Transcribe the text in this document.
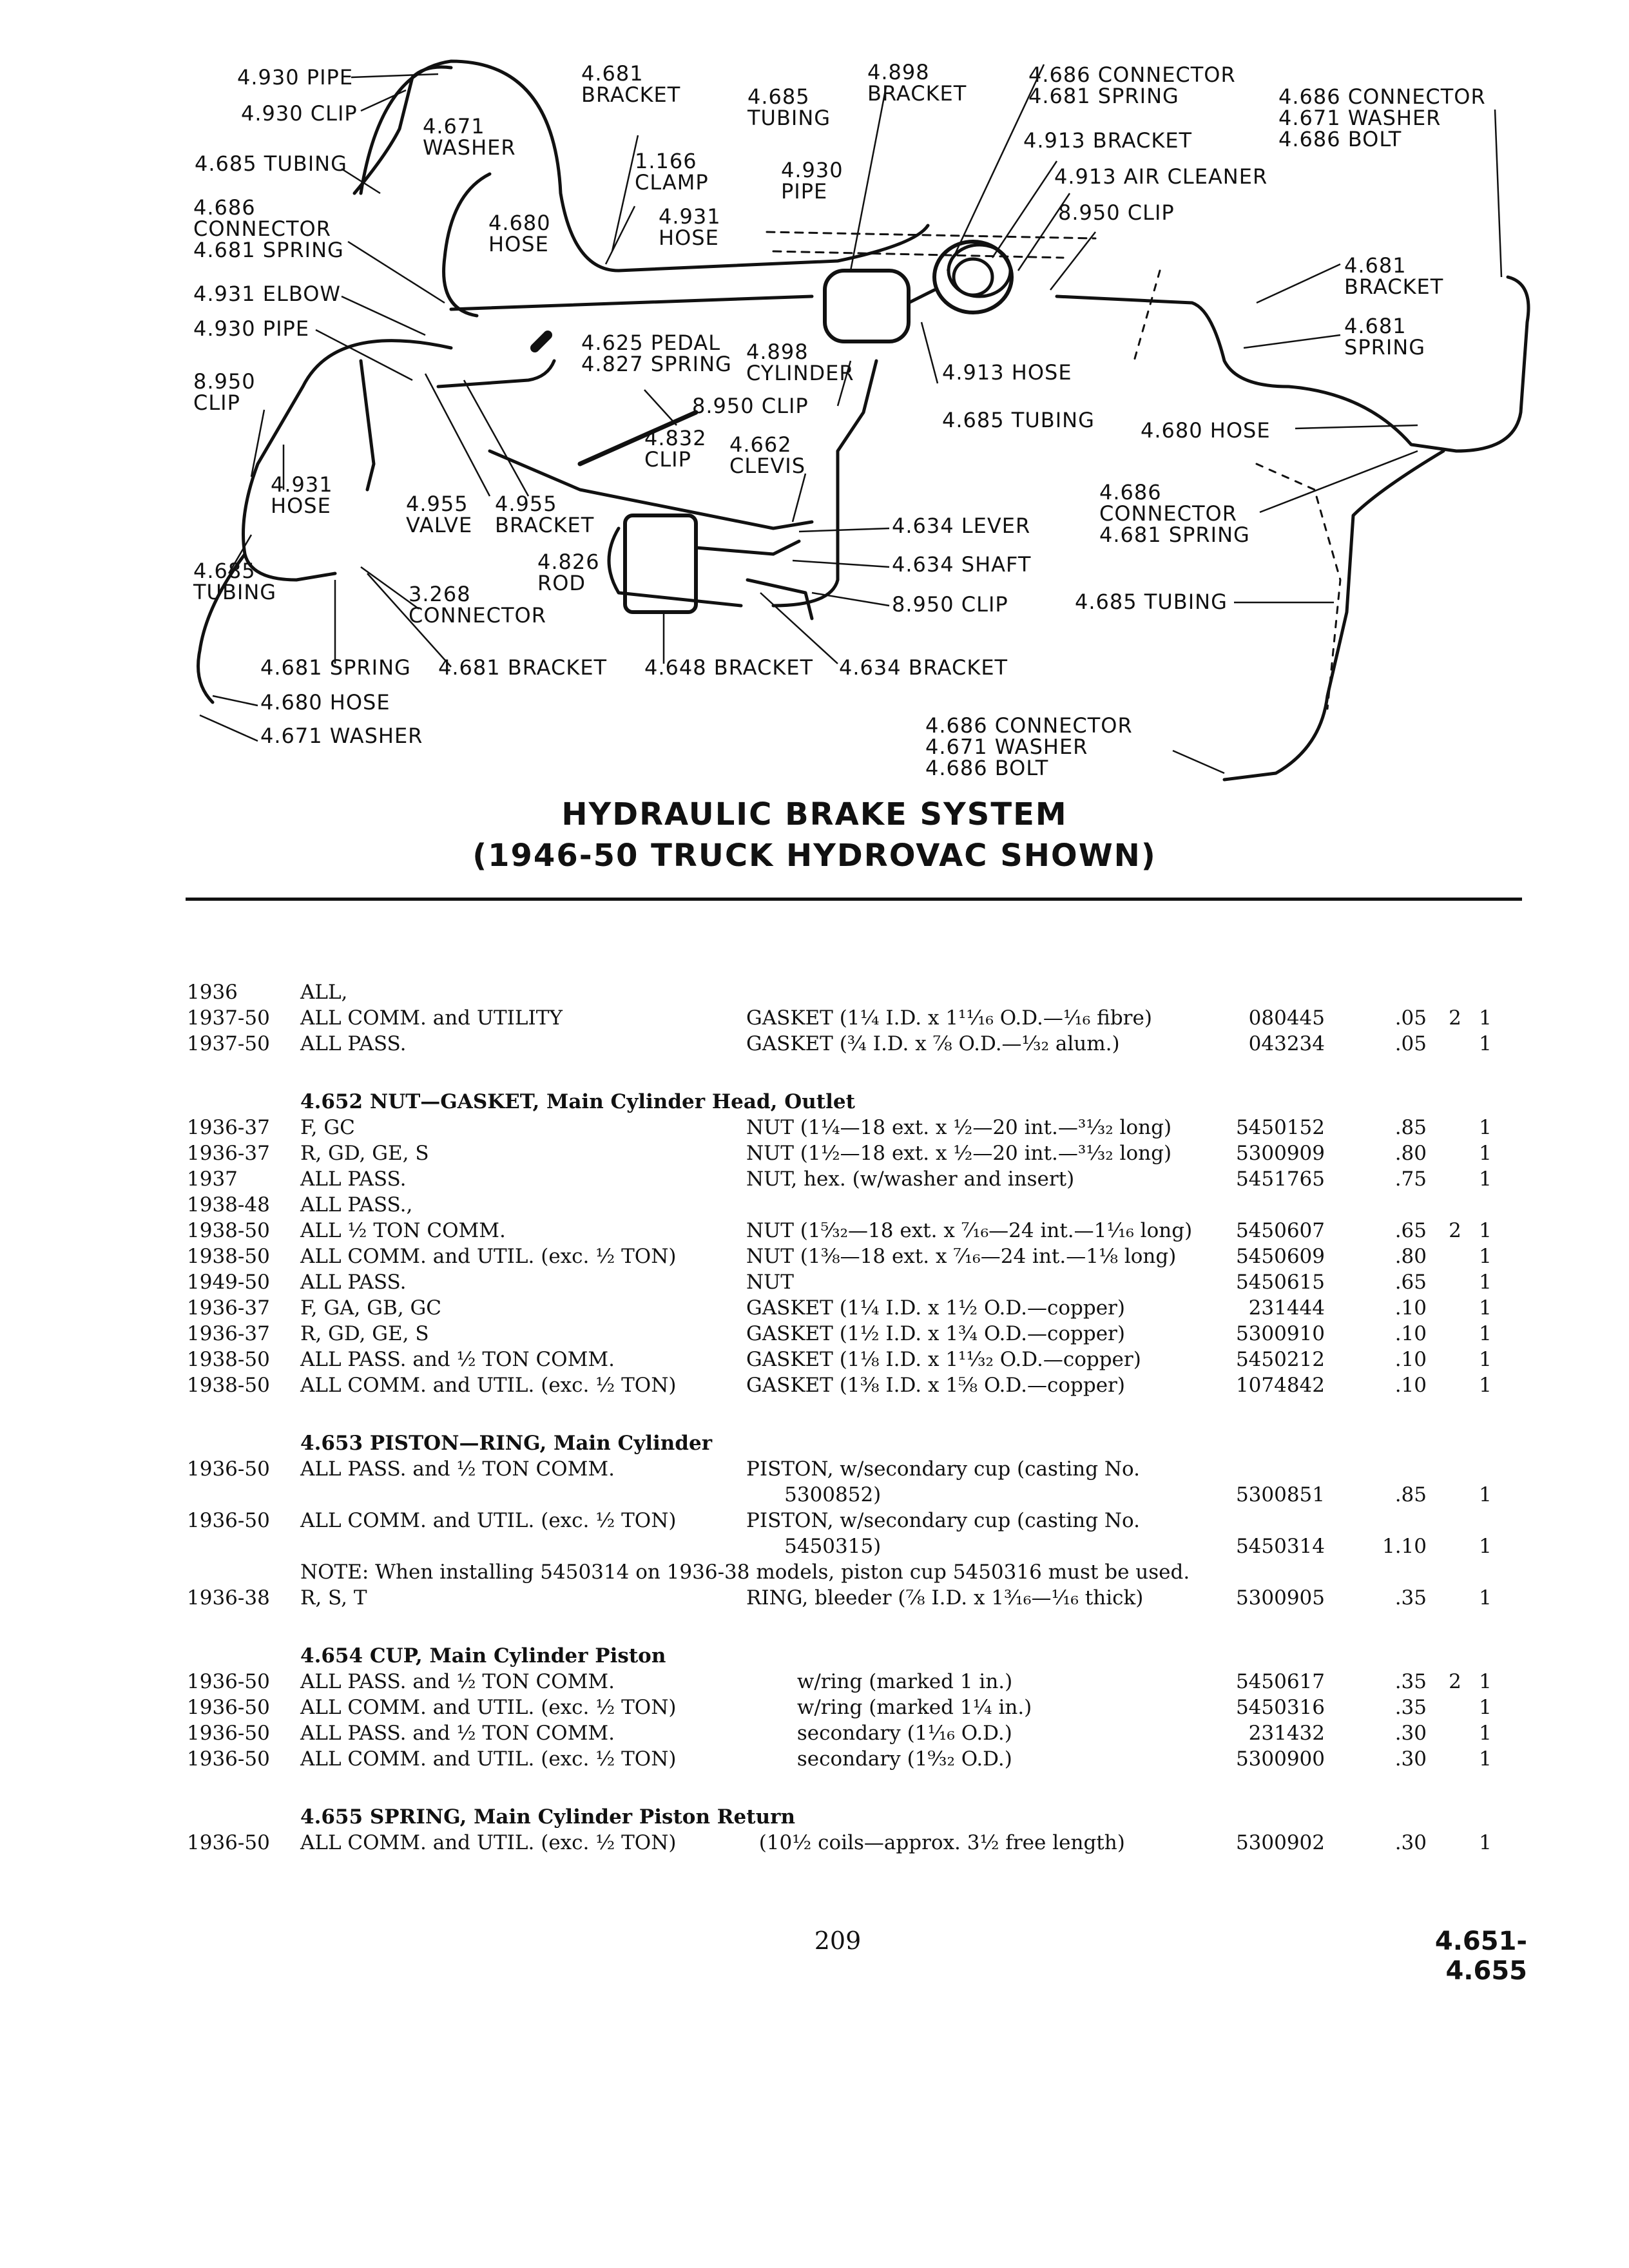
4.930 PIPE
4.930 CLIP
4.671
WASHER
4.685 TUBING
4.686
CONNECTOR
4.681 SPRING
4.680
HOSE
4.931 ELBOW
4.930 PIPE
8.950
CLIP
4.931
HOSE
4.685
TUBING
4.681 SPRING
4.680 HOSE
4.671 WASHER
4.681
BRACKET
1.166
CLAMP
4.931
HOSE
4.685
TUBING
4.930
PIPE
4.898
BRACKET
4.686 CONNECTOR
4.681 SPRING
4.913 BRACKET
4.913 AIR CLEANER
8.950 CLIP
4.686 CONNECTOR
4.671 WASHER
4.686 BOLT
4.681
BRACKET
4.681
SPRING
4.625 PEDAL
4.827 SPRING 4.898
CYLINDER	4.913 HOSE
8.950 CLIP
4.685 TUBING 4.680 HOSE
4.832
CLIP
4.662
CLEVIS
4.955
VALVE
4.955
BRACKET
4.826
ROD
3.268
CONNECTOR
4.681 BRACKET 4.648 BRACKET 4.634 BRACKET
4.634 LEVER
4.634 SHAFT
8.950 CLIP
4.686
CONNECTOR
4.681 SPRING
4.685 TUBING
4.686 CONNECTOR
4.671 WASHER
4.686 BOLT
HYDRAULIC BRAKE SYSTEM
(1946-50 TRUCK HYDROVAC SHOWN)
1936	ALL,
1937-50 ALL COMM. and UTILITY	GASKET (1¼ I.D. x 1¹¹⁄₁₆ O.D.—¹⁄₁₆ fibre)	080445	.05 2 1
1937-50 ALL PASS.	GASKET (¾ I.D. x ⅞ O.D.—¹⁄₃₂ alum.)	043234	.05	1
4.652 NUT—GASKET, Main Cylinder Head, Outlet
1936-37 F, GC	NUT (1¼—18 ext. x ½—20 int.—³¹⁄₃₂ long)	5450152	.85	1
1936-37 R, GD, GE, S	NUT (1½—18 ext. x ½—20 int.—³¹⁄₃₂ long)	5300909	.80	1
1937	ALL PASS.	NUT, hex. (w/washer and insert)	5451765	.75	1
1938-48 ALL PASS.,
1938-50 ALL ½ TON COMM.	NUT (1⁵⁄₃₂—18 ext. x ⁷⁄₁₆—24 int.—1¹⁄₁₆ long) 5450607	.65 2 1
1938-50 ALL COMM. and UTIL. (exc. ½ TON)	NUT (1⅜—18 ext. x ⁷⁄₁₆—24 int.—1⅛ long)	5450609	.80	1
1949-50 ALL PASS.	NUT	5450615	.65	1
1936-37 F, GA, GB, GC	GASKET (1¼ I.D. x 1½ O.D.—copper)	231444	.10	1
1936-37 R, GD, GE, S	GASKET (1½ I.D. x 1¾ O.D.—copper)	5300910	.10	1
1938-50 ALL PASS. and ½ TON COMM.	GASKET (1⅛ I.D. x 1¹¹⁄₃₂ O.D.—copper)	5450212	.10	1
1938-50 ALL COMM. and UTIL. (exc. ½ TON)	GASKET (1⅜ I.D. x 1⅝ O.D.—copper)	1074842	.10	1
4.653 PISTON—RING, Main Cylinder
1936-50 ALL PASS. and ½ TON COMM.	PISTON, w/secondary cup (casting No.
5300852)	5300851	.85	1
1936-50 ALL COMM. and UTIL. (exc. ½ TON)	PISTON, w/secondary cup (casting No.
5450315)	5450314	1.10	1
NOTE: When installing 5450314 on 1936-38 models, piston cup 5450316 must be used.
1936-38 R, S, T	RING, bleeder (⅞ I.D. x 1³⁄₁₆—¹⁄₁₆ thick)	5300905	.35	1
4.654 CUP, Main Cylinder Piston
1936-50 ALL PASS. and ½ TON COMM.	w/ring (marked 1 in.)	5450617	.35 2 1
1936-50 ALL COMM. and UTIL. (exc. ½ TON)	w/ring (marked 1¼ in.)	5450316	.35	1
1936-50 ALL PASS. and ½ TON COMM.	secondary (1¹⁄₁₆ O.D.)	231432	.30	1
1936-50 ALL COMM. and UTIL. (exc. ½ TON)	secondary (1⁹⁄₃₂ O.D.)	5300900	.30	1
4.655 SPRING, Main Cylinder Piston Return
1936-50 ALL COMM. and UTIL. (exc. ½ TON)	(10½ coils—approx. 3½ free length)	5300902	.30	1
209	4.651-4.655
